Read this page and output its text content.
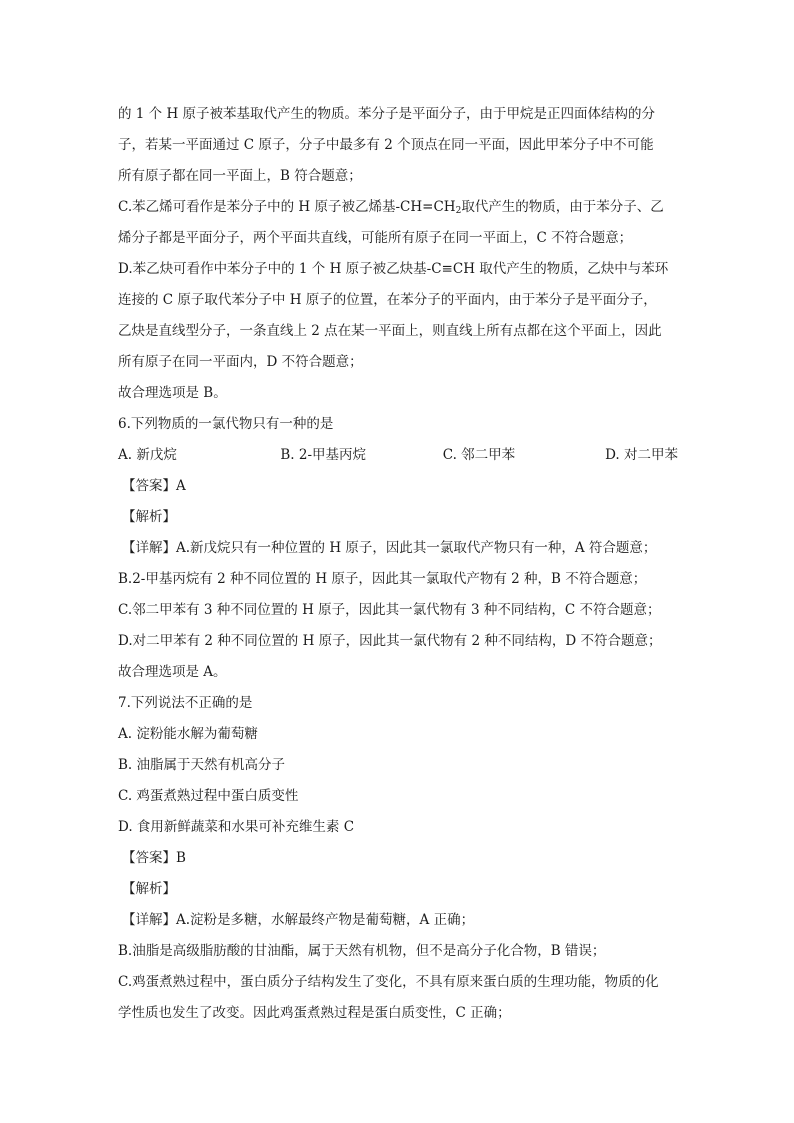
的 1 个 H 原子被苯基取代产生的物质。苯分子是平面分子，由于甲烷是正四面体结构的分
子，若某一平面通过 C 原子，分子中最多有 2 个顶点在同一平面，因此甲苯分子中不可能
所有原子都在同一平面上，B 符合题意；
C.苯乙烯可看作是苯分子中的 H 原子被乙烯基$-CH=CH_2$取代产生的物质，由于苯分子、乙
烯分子都是平面分子，两个平面共直线，可能所有原子在同一平面上，C 不符合题意；
D.苯乙炔可看作中苯分子中的 1 个 H 原子被乙炔基-C≡CH 取代产生的物质，乙炔中与苯环
连接的 C 原子取代苯分子中 H 原子的位置，在苯分子的平面内，由于苯分子是平面分子，
乙炔是直线型分子，一条直线上 2 点在某一平面上，则直线上所有点都在这个平面上，因此
所有原子在同一平面内，D 不符合题意；
故合理选项是 B。
6.下列物质的一氯代物只有一种的是
A. 新戊烷	B. 2-甲基丙烷	C. 邻二甲苯	D. 对二甲苯
【答案】A
【解析】
【详解】A.新戊烷只有一种位置的 H 原子，因此其一氯取代产物只有一种，A 符合题意；
B.2-甲基丙烷有 2 种不同位置的 H 原子，因此其一氯取代产物有 2 种，B 不符合题意；
C.邻二甲苯有 3 种不同位置的 H 原子，因此其一氯代物有 3 种不同结构，C 不符合题意；
D.对二甲苯有 2 种不同位置的 H 原子，因此其一氯代物有 2 种不同结构，D 不符合题意；
故合理选项是 A。
7.下列说法不正确的是
A. 淀粉能水解为葡萄糖
B. 油脂属于天然有机高分子
C. 鸡蛋煮熟过程中蛋白质变性
D. 食用新鲜蔬菜和水果可补充维生素 C
【答案】B
【解析】
【详解】A.淀粉是多糖，水解最终产物是葡萄糖，A 正确；
B.油脂是高级脂肪酸的甘油酯，属于天然有机物，但不是高分子化合物，B 错误；
C.鸡蛋煮熟过程中，蛋白质分子结构发生了变化，不具有原来蛋白质的生理功能，物质的化
学性质也发生了改变。因此鸡蛋煮熟过程是蛋白质变性，C 正确；
